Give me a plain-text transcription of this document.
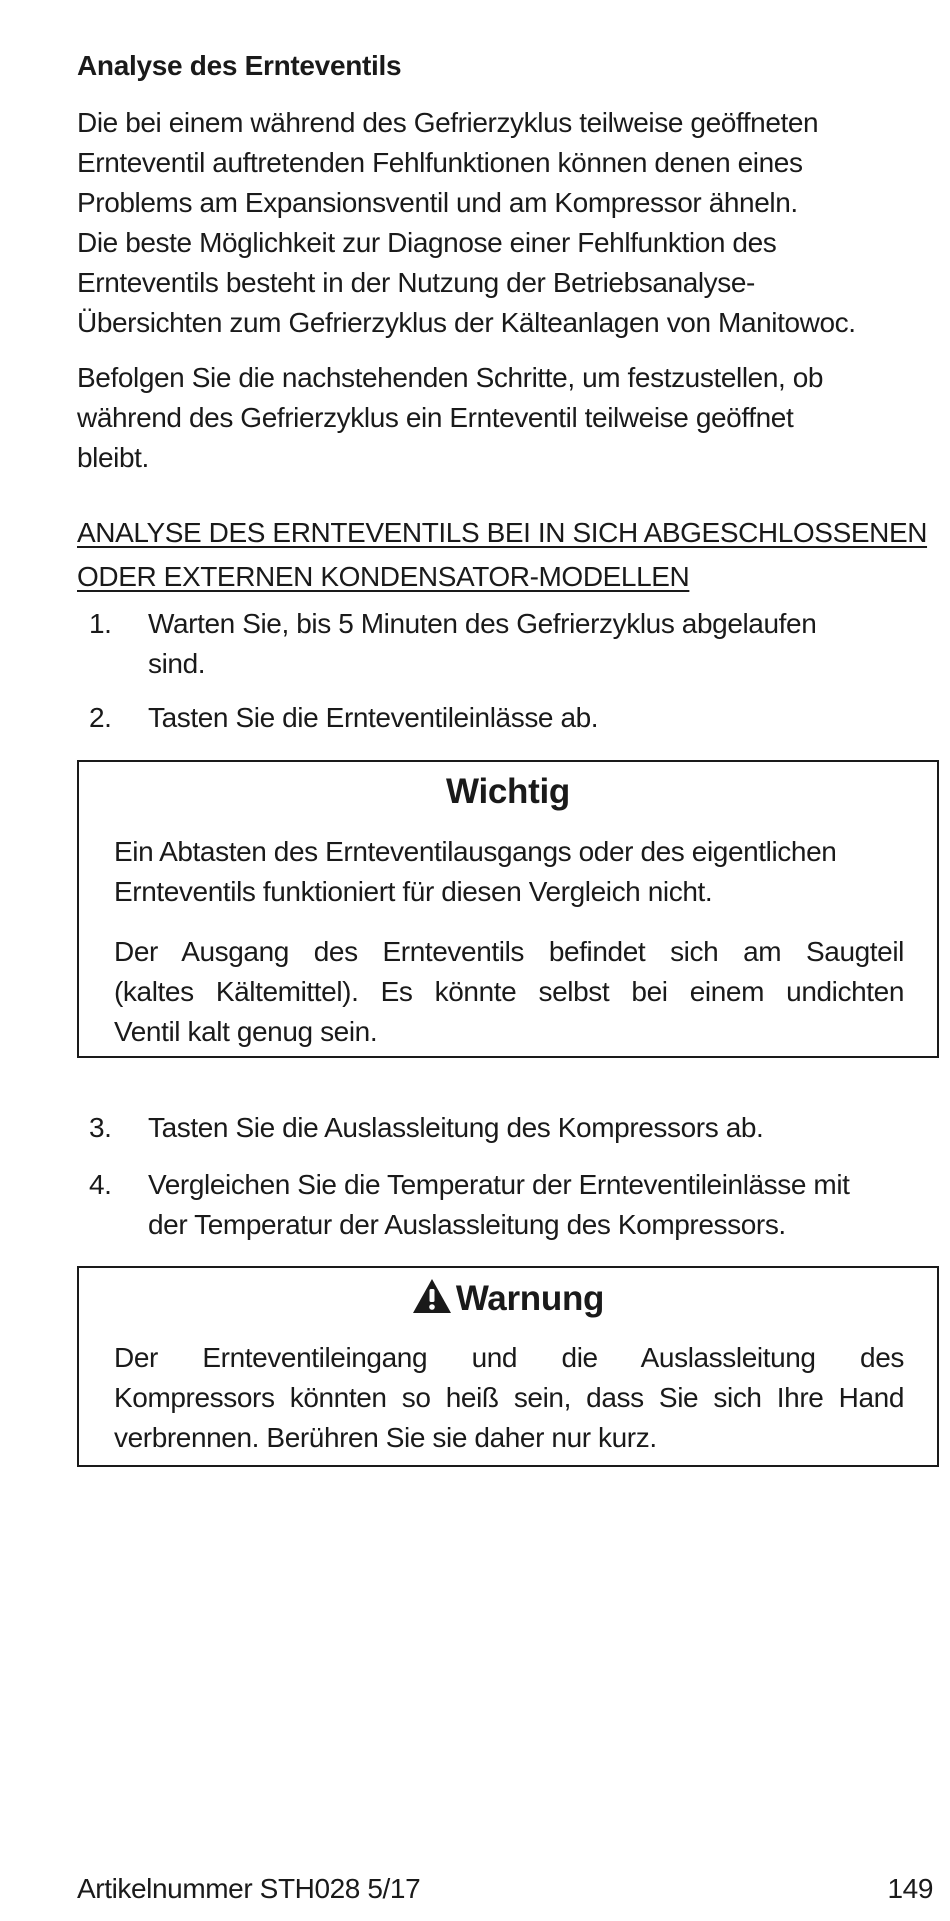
Analyse des Ernteventils
Die bei einem während des Gefrierzyklus teilweise geöffneten
Ernteventil auftretenden Fehlfunktionen können denen eines
Problems am Expansionsventil und am Kompressor ähneln.
Die beste Möglichkeit zur Diagnose einer Fehlfunktion des
Ernteventils besteht in der Nutzung der Betriebsanalyse-
Übersichten zum Gefrierzyklus der Kälteanlagen von Manitowoc.
Befolgen Sie die nachstehenden Schritte, um festzustellen, ob
während des Gefrierzyklus ein Ernteventil teilweise geöffnet
bleibt.
ANALYSE DES ERNTEVENTILS BEI IN SICH ABGESCHLOSSENEN
ODER EXTERNEN KONDENSATOR-MODELLEN
1. Warten Sie, bis 5 Minuten des Gefrierzyklus abgelaufen
sind.
2. Tasten Sie die Ernteventileinlässe ab.
Wichtig
Ein Abtasten des Ernteventilausgangs oder des eigentlichen
Ernteventils funktioniert für diesen Vergleich nicht.
Der Ausgang des Ernteventils befindet sich am Saugteil
(kaltes Kältemittel). Es könnte selbst bei einem undichten
Ventil kalt genug sein.
3. Tasten Sie die Auslassleitung des Kompressors ab.
4. Vergleichen Sie die Temperatur der Ernteventileinlässe mit
der Temperatur der Auslassleitung des Kompressors.
Warnung
Der Ernteventileingang und die Auslassleitung des
Kompressors könnten so heiß sein, dass Sie sich Ihre Hand
verbrennen. Berühren Sie sie daher nur kurz.
Artikelnummer STH028 5/17	149
